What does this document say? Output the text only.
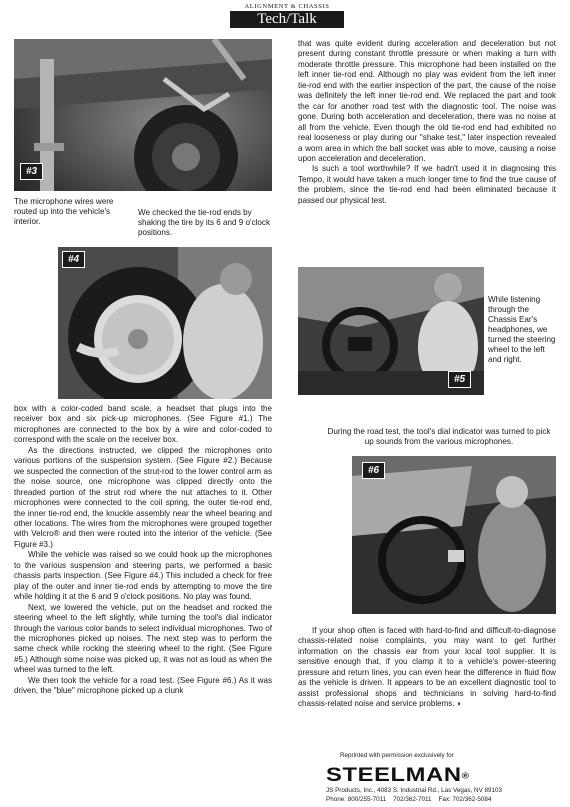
ALIGNMENT & CHASSIS
Tech/Talk
#3
The microphone wires were routed up into the vehicle's interior.
We checked the tie-rod ends by shaking the tire by its 6 and 9 o'clock positions.
#4

box with a color-coded band scale, a headset that plugs into the receiver box and six pick-up microphones. (See Figure #1.) The microphones are connected to the box by a wire and color-coded to correspond with the scale on the receiver box.

As the directions instructed, we clipped the microphones onto various portions of the suspension system. (See Figure #2.) Because we suspected the connection of the strut-rod to the lower control arm as the noise source, one microphone was clipped directly onto the threaded portion of the strut rod where the nut attaches to it. Other microphones were connected to the coil spring, the outer tie-rod end, the inner tie-rod end, the knuckle assembly near the wheel bearing and other locations. The wires from the microphones were grouped together with Velcro® and then were routed into the interior of the vehicle. (See Figure #3.)

While the vehicle was raised so we could hook up the microphones to the various suspension and steering parts, we performed a basic chassis parts inspection. (See Figure #4.) This included a check for free play of the outer and inner tie-rod ends by attempting to move the tire while holding it at the 6 and 9 o'clock positions. No play was found.

Next, we lowered the vehicle, put on the headset and rocked the steering wheel to the left slightly, while turning the tool's dial indicator through the various color bands to select individual microphones. Two of the microphones picked up noises. The next step was to perform the same check while rocking the steering wheel to the right. (See Figure #5.) Although some noise was picked up, it was not as loud as when the wheel was turned to the left.

We then took the vehicle for a road test. (See Figure #6.) As it was driven, the "blue" microphone picked up a clunk

that was quite evident during acceleration and deceleration but not present during constant throttle pressure or when making a turn with moderate throttle pressure. This microphone had been installed on the left inner tie-rod end. Although no play was evident from the left inner tie-rod end with the earlier inspection of the part, the cause of the noise was definitely the left inner tie-rod end. We replaced the part and took the car for another road test with the diagnostic tool. The noise was gone. During both acceleration and deceleration, there was no noise at all from the vehicle. Even though the old tie-rod end had exhibited no real looseness or play during our "shake test," later inspection revealed a worn area in which the ball socket was able to move, causing a noise upon acceleration and deceleration.

Is such a tool worthwhile? If we hadn't used it in diagnosing this Tempo, it would have taken a much longer time to find the true cause of the problem, since the tie-rod end had been eliminated because it passed our physical test.

#5
While listening through the Chassis Ear's headphones, we turned the steering wheel to the left and right.
During the road test, the tool's dial indicator was turned to pick up sounds from the various microphones.
#6

If your shop often is faced with hard-to-find and difficult-to-diagnose chassis-related noise complaints, you may want to get further information on the chassis ear from your local tool supplier. It is sensitive enough that, if you clamp it to a vehicle's power-steering pressure and return lines, you can even hear the difference in fluid flow as the vehicle is driven. It appears to be an excellent diagnostic tool to assist professional shops and technicians in solving hard-to-find chassis-related noise and service problems. ◗

Reprinted with permission exclusively for
STEELMAN®
JS Products, Inc., 4083 S. Industrial Rd., Las Vegas, NV 89103
Phone: 800/255-7011    702/362-7011    Fax: 702/362-5084
